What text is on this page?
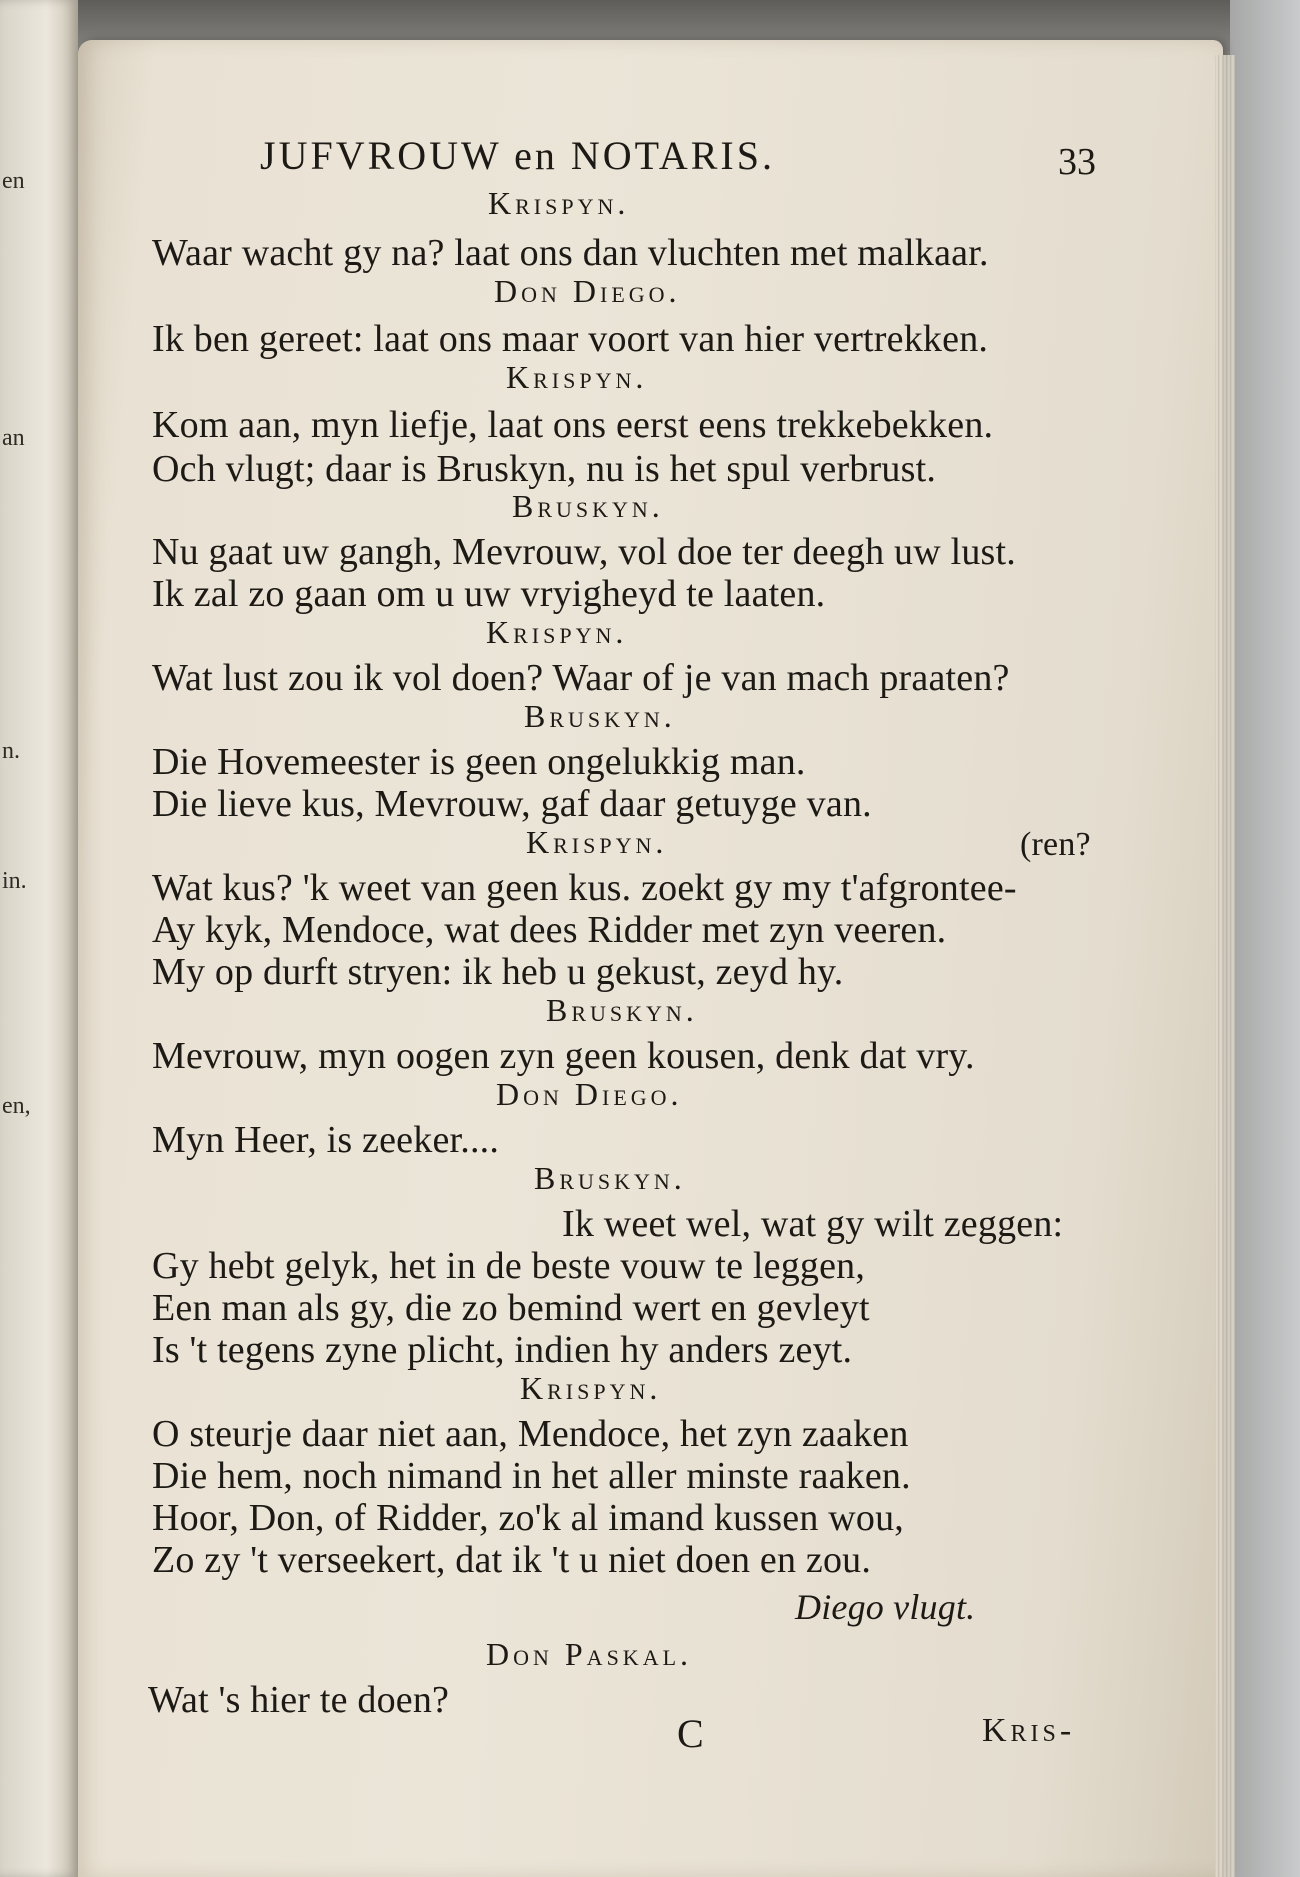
en
an
n.
in.
en,
JUFVROUW en NOTARIS.	33
Krispyn.
Waar wacht gy na? laat ons dan vluchten met malkaar.
Don Diego.
Ik ben gereet: laat ons maar voort van hier vertrekken.
Krispyn.
Kom aan, myn liefje, laat ons eerst eens trekkebekken.
Och vlugt; daar is Bruskyn, nu is het spul verbrust.
Bruskyn.
Nu gaat uw gangh, Mevrouw, vol doe ter deegh uw lust.
Ik zal zo gaan om u uw vryigheyd te laaten.
Krispyn.
Wat lust zou ik vol doen? Waar of je van mach praaten?
Bruskyn.
Die Hovemeester is geen ongelukkig man.
Die lieve kus, Mevrouw, gaf daar getuyge van.
Krispyn.	(ren?
Wat kus? 'k weet van geen kus. zoekt gy my t'afgrontee-
Ay kyk, Mendoce, wat dees Ridder met zyn veeren.
My op durft stryen: ik heb u gekust, zeyd hy.
Bruskyn.
Mevrouw, myn oogen zyn geen kousen, denk dat vry.
Don Diego.
Myn Heer, is zeeker....
Bruskyn.
Ik weet wel, wat gy wilt zeggen:
Gy hebt gelyk, het in de beste vouw te leggen,
Een man als gy, die zo bemind wert en gevleyt
Is 't tegens zyne plicht, indien hy anders zeyt.
Krispyn.
O steurje daar niet aan, Mendoce, het zyn zaaken
Die hem, noch nimand in het aller minste raaken.
Hoor, Don, of Ridder, zo'k al imand kussen wou,
Zo zy 't verseekert, dat ik 't u niet doen en zou.
Diego vlugt.
Don Paskal.
Wat 's hier te doen?
C	Kris-
